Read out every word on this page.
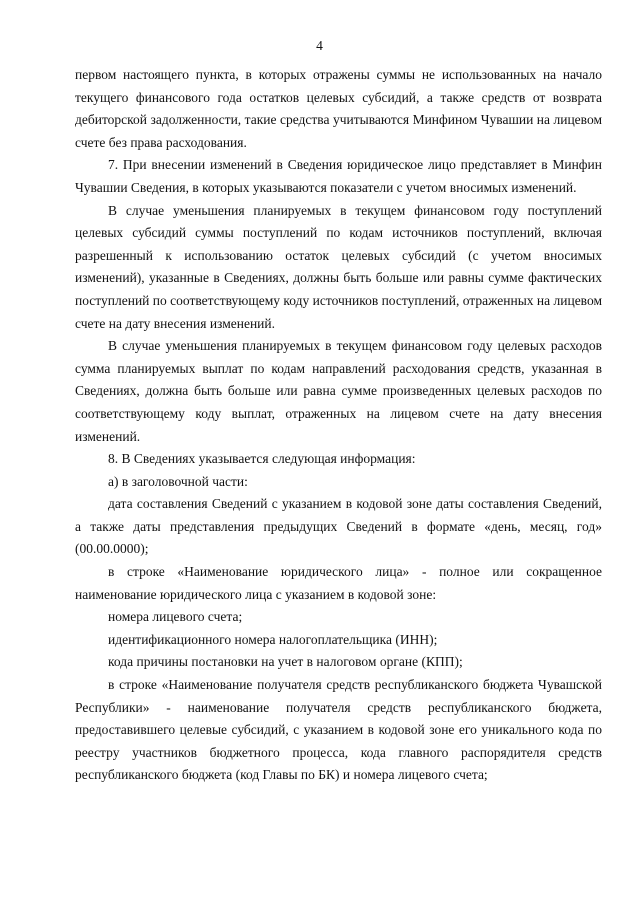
4

первом настоящего пункта, в которых отражены суммы не использованных на начало текущего финансового года остатков целевых субсидий, а также средств от возврата дебиторской задолженности, такие средства учитываются Минфином Чувашии на лицевом счете без права расходования.

7. При внесении изменений в Сведения юридическое лицо представляет в Минфин Чувашии Сведения, в которых указываются показатели с учетом вносимых изменений.

В случае уменьшения планируемых в текущем финансовом году поступлений целевых субсидий суммы поступлений по кодам источников поступлений, включая разрешенный к использованию остаток целевых субсидий (с учетом вносимых изменений), указанные в Сведениях, должны быть больше или равны сумме фактических поступлений по соответствующему коду источников поступлений, отраженных на лицевом счете на дату внесения изменений.

В случае уменьшения планируемых в текущем финансовом году целевых расходов сумма планируемых выплат по кодам направлений расходования средств, указанная в Сведениях, должна быть больше или равна сумме произведенных целевых расходов по соответствующему коду выплат, отраженных на лицевом счете на дату внесения изменений.

8. В Сведениях указывается следующая информация:

а) в заголовочной части:

дата составления Сведений с указанием в кодовой зоне даты составления Сведений, а также даты представления предыдущих Сведений в формате «день, месяц, год» (00.00.0000);

в строке «Наименование юридического лица» - полное или сокращенное наименование юридического лица с указанием в кодовой зоне:

номера лицевого счета;

идентификационного номера налогоплательщика (ИНН);

кода причины постановки на учет в налоговом органе (КПП);

в строке «Наименование получателя средств республиканского бюджета Чувашской Республики» - наименование получателя средств республиканского бюджета, предоставившего целевые субсидий, с указанием в кодовой зоне его уникального кода по реестру участников бюджетного процесса, кода главного распорядителя средств республиканского бюджета (код Главы по БК) и номера лицевого счета;
